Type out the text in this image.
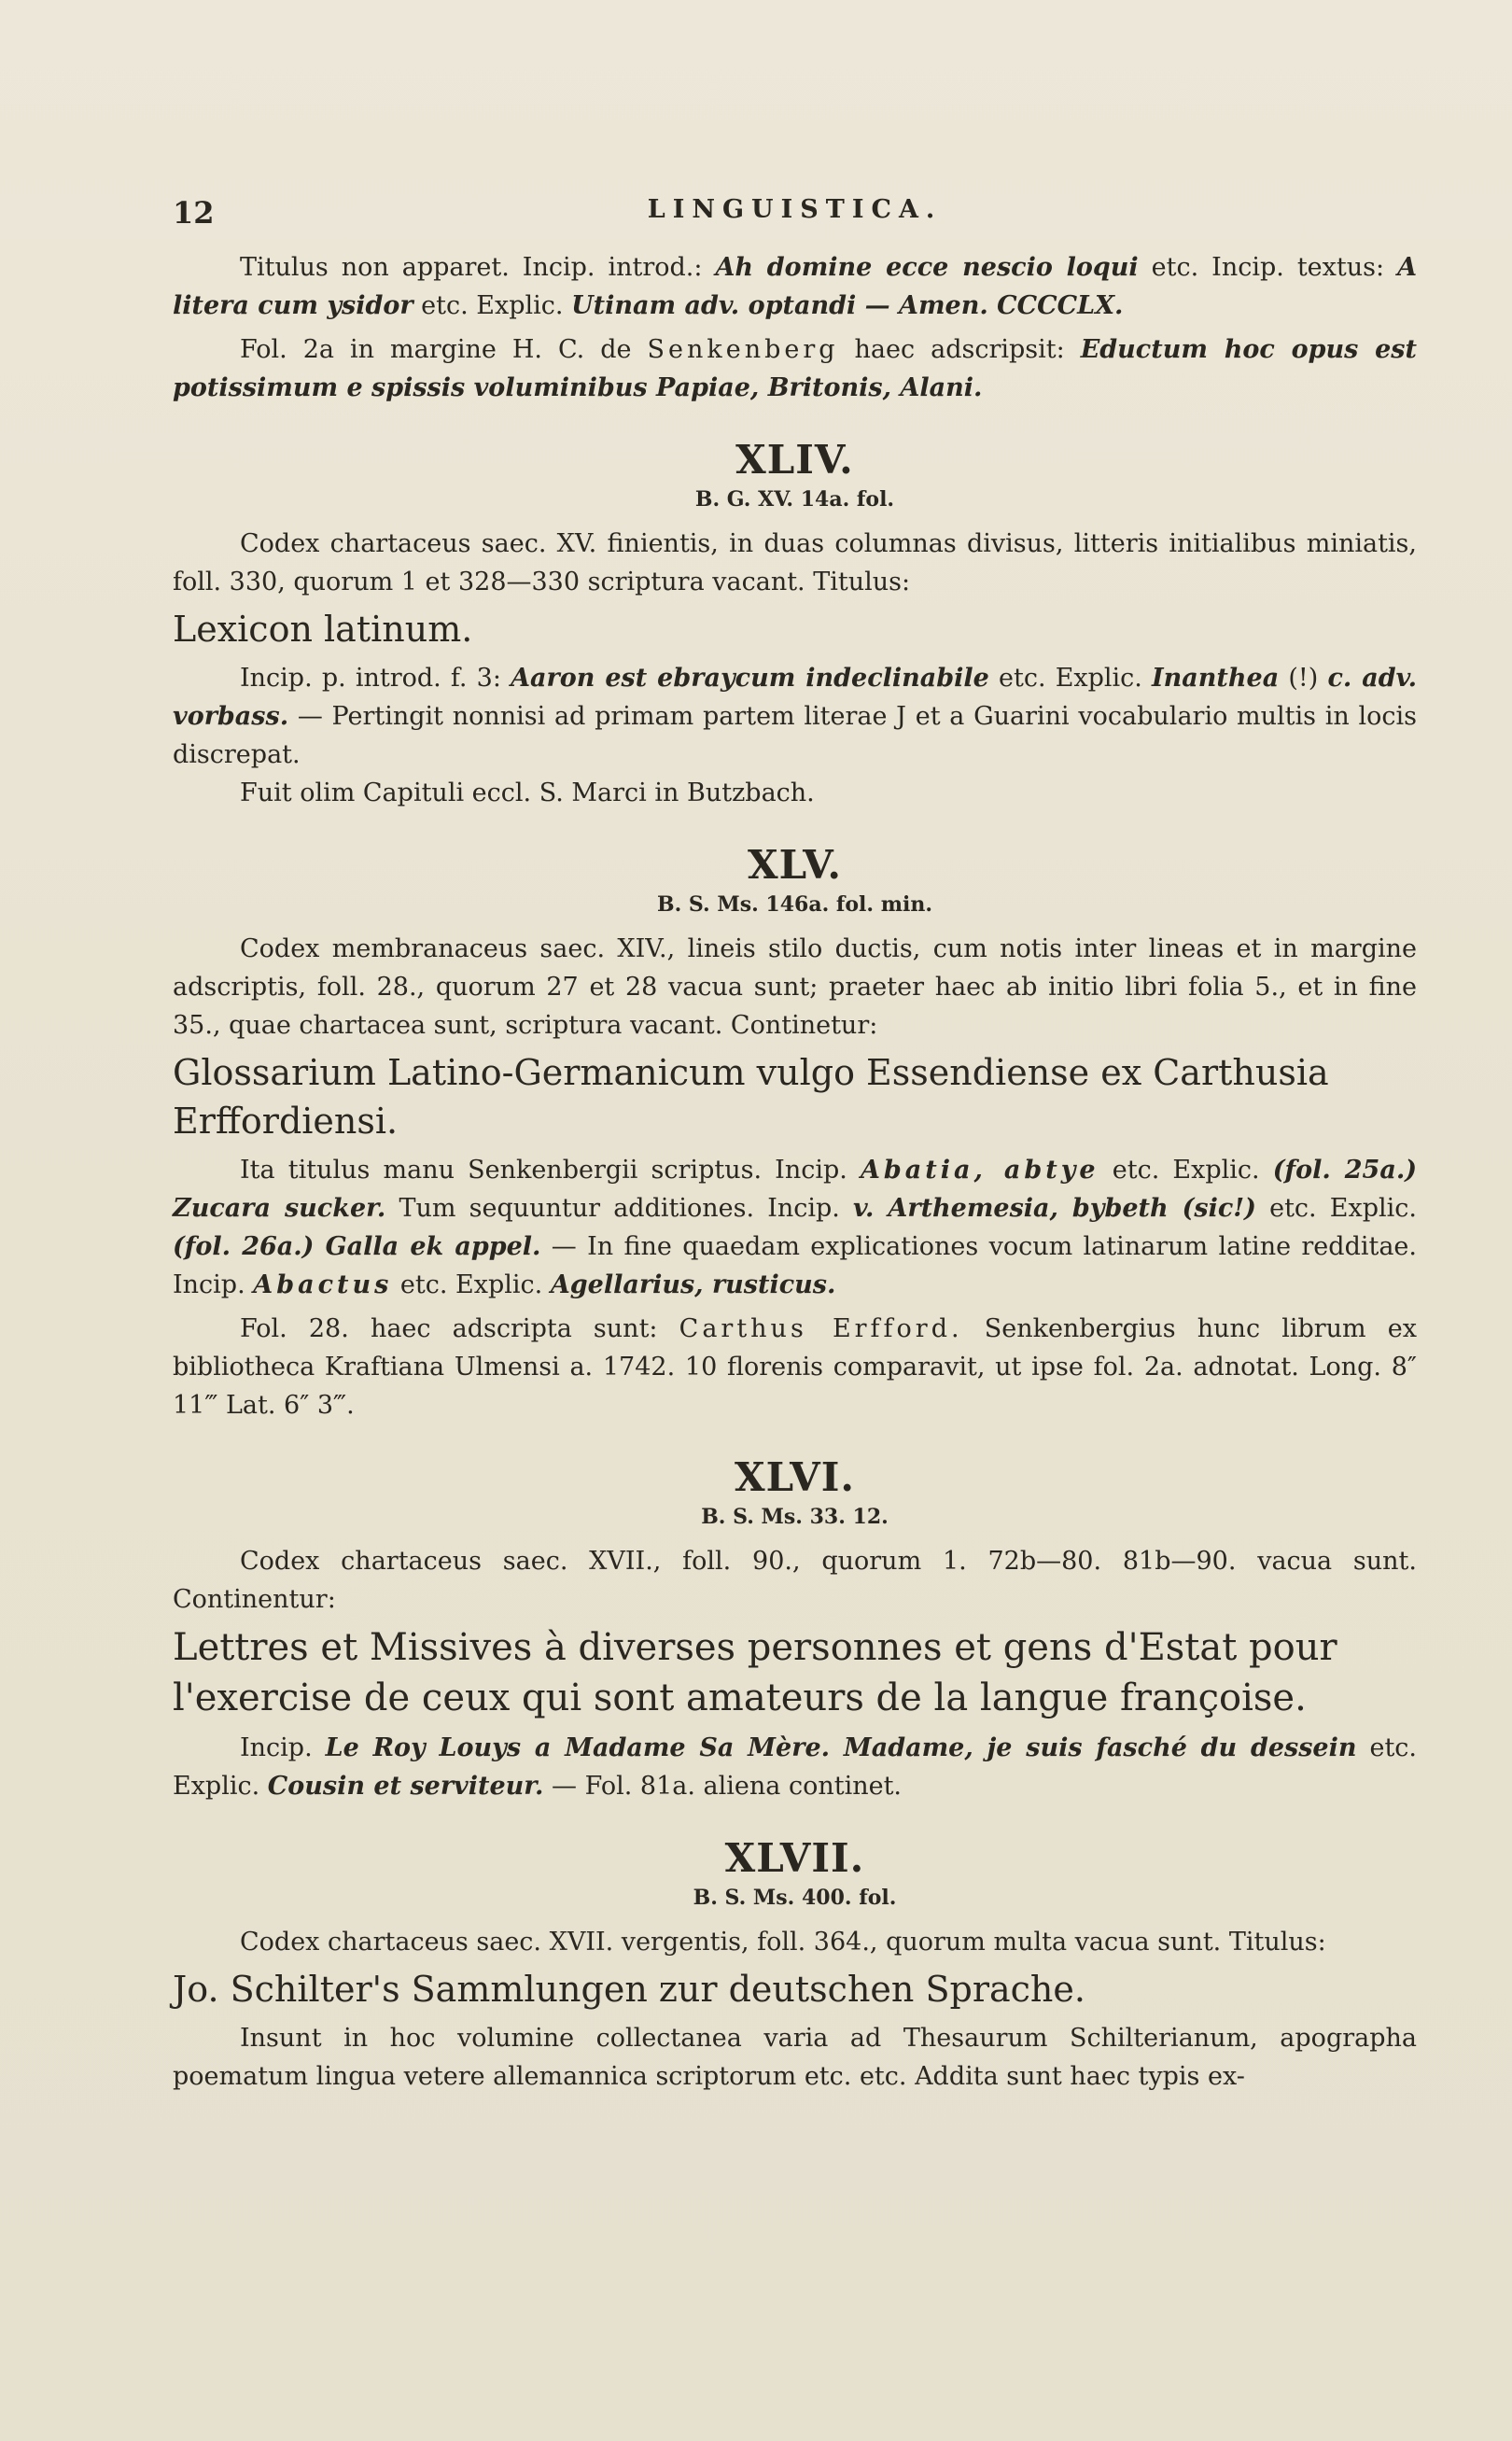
12	LINGUISTICA.

Titulus non apparet. Incip. introd.: Ah domine ecce nescio loqui etc. Incip. textus: A litera cum ysidor etc. Explic. Utinam adv. optandi — Amen. CCCCLX.

Fol. 2a in margine H. C. de Senkenberg haec adscripsit: Eductum hoc opus est potissimum e spissis voluminibus Papiae, Britonis, Alani.

XLIV.
B. G. XV. 14a. fol.

Codex chartaceus saec. XV. finientis, in duas columnas divisus, litteris initialibus miniatis, foll. 330, quorum 1 et 328—330 scriptura vacant. Titulus:

Lexicon latinum.

Incip. p. introd. f. 3: Aaron est ebraycum indeclinabile etc. Explic. Inanthea (!) c. adv. vorbass. — Pertingit nonnisi ad primam partem literae J et a Guarini vocabulario multis in locis discrepat.

Fuit olim Capituli eccl. S. Marci in Butzbach.

XLV.
B. S. Ms. 146a. fol. min.

Codex membranaceus saec. XIV., lineis stilo ductis, cum notis inter lineas et in margine adscriptis, foll. 28., quorum 27 et 28 vacua sunt; praeter haec ab initio libri folia 5., et in fine 35., quae chartacea sunt, scriptura vacant. Continetur:

Glossarium Latino-Germanicum vulgo Essendiense ex Carthusia Erffordiensi.

Ita titulus manu Senkenbergii scriptus. Incip. Abatia, abtye etc. Explic. (fol. 25a.) Zucara sucker. Tum sequuntur additiones. Incip. v. Arthemesia, bybeth (sic!) etc. Explic. (fol. 26a.) Galla ek appel. — In fine quaedam explicationes vocum latinarum latine redditae. Incip. Abactus etc. Explic. Agellarius, rusticus.

Fol. 28. haec adscripta sunt: Carthus Erfford. Senkenbergius hunc librum ex bibliotheca Kraftiana Ulmensi a. 1742. 10 florenis comparavit, ut ipse fol. 2a. adnotat. Long. 8″ 11‴ Lat. 6″ 3‴.

XLVI.
B. S. Ms. 33. 12.

Codex chartaceus saec. XVII., foll. 90., quorum 1. 72b—80. 81b—90. vacua sunt. Continentur:

Lettres et Missives à diverses personnes et gens d'Estat pour l'exercise de ceux qui sont amateurs de la langue françoise.

Incip. Le Roy Louys a Madame Sa Mère. Madame, je suis fasché du dessein etc. Explic. Cousin et serviteur. — Fol. 81a. aliena continet.

XLVII.
B. S. Ms. 400. fol.

Codex chartaceus saec. XVII. vergentis, foll. 364., quorum multa vacua sunt. Titulus:

Jo. Schilter's Sammlungen zur deutschen Sprache.

Insunt in hoc volumine collectanea varia ad Thesaurum Schilterianum, apographa poematum lingua vetere allemannica scriptorum etc. etc. Addita sunt haec typis ex-
